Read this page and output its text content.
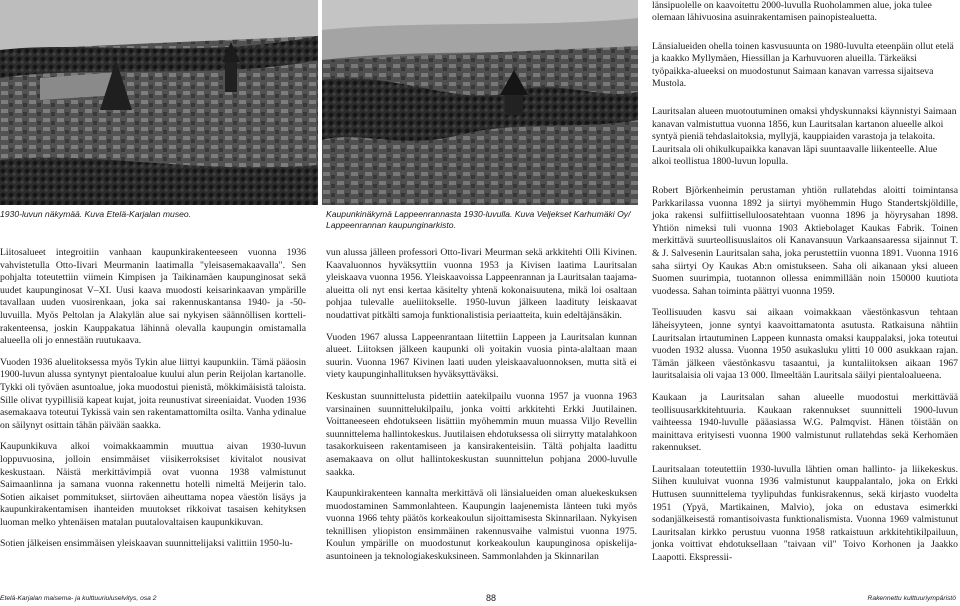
länsipuolelle on kaavoitettu 2000-luvulla Ruoholammen alue, joka tulee olemaan lähivuosina asuinrakentamisen painopistealuetta.

Länsialueiden ohella toinen kasvusuunta on 1980-luvulta eteenpäin ollut etelä ja kaakko Myllymäen, Hiessillan ja Karhuvuoren alueilla. Tärkeäksi työpaikka-alueeksi on muodostunut Saimaan kanavan varressa sijaitseva Mustola.

Lauritsalan alueen muotoutuminen omaksi yhdyskunnaksi käynnistyi Saimaan kanavan valmistuttua vuonna 1856, kun Lauritsalan kartanon alueelle alkoi syntyä pieniä tehdaslaitoksia, myllyjä, kauppiaiden varastoja ja telakoita. Lauritsala oli ohikulkupaikka kanavan läpi suuntaavalle liikenteelle. Alue alkoi teollistua 1800-luvun lopulla.

1930-luvun näkymää. Kuva Etelä-Karjalan museo.	Kaupunkinäkymä Lappeenrannasta 1930-luvulla. Kuva Veljekset Karhumäki Oy/ Lappeenrannan kaupunginarkisto.

Liitosalueet integroitiin vanhaan kaupunkirakenteeseen vuonna 1936 vahvistetulla Otto-Iivari Meurmanin laatimalla "yleisasemakaavalla". Sen pohjalta toteutettiin viimein Kimpisen ja Taikinamäen kaupunginosat sekä uudet kaupunginosat V–XI. Uusi kaava muodosti keisarinkaavan ympärille tavallaan uuden vuosirenkaan, joka sai rakennuskantansa 1940- ja -50-luvuilla. Myös Peltolan ja Alakylän alue sai nykyisen säännöllisen kortteli-rakenteensa, joskin Kauppakatua lähinnä olevalla kaupungin omistamalla alueella oli jo ennestään ruutukaava.

Vuoden 1936 aluelitoksessa myös Tykin alue liittyi kaupunkiin. Tämä pääosin 1900-luvun alussa syntynyt pientaloalue kuului alun perin Reijolan kartanolle. Tykki oli työväen asuntoalue, joka muodostui pienistä, mökkimäisistä taloista. Sille olivat tyypillisiä kapeat kujat, joita reunustivat sireeniaidat. Vuoden 1936 asemakaava toteutui Tykissä vain sen rakentamattomilta osilta. Vanha ydinalue on säilynyt osittain tähän päivään saakka.

Kaupunkikuva alkoi voimakkaammin muuttua aivan 1930-luvun loppuvuosina, jolloin ensimmäiset viisikerroksiset kivitalot nousivat keskustaan. Näistä merkittävimpiä ovat vuonna 1938 valmistunut Saimaanlinna ja samana vuonna rakennettu hotelli nimeltä Meijerin talo. Sotien aikaiset pommitukset, siirtoväen aiheuttama nopea väestön lisäys ja kaupunkirakentamisen ihanteiden muutokset rikkoivat tasaisen kehityksen luoman melko yhtenäisen matalan puutalovaltaisen kaupunkikuvan.

Sotien jälkeisen ensimmäisen yleiskaavan suunnittelijaksi valittiin 1950-lu-

vun alussa jälleen professori Otto-Iivari Meurman sekä arkkitehti Olli Kivinen. Kaavaluonnos hyväksyttiin vuonna 1953 ja Kivisen laatima Lauritsalan yleiskaava vuonna 1956. Yleiskaavoissa Lappeenrannan ja Lauritsalan taajama-alueitta oli nyt ensi kertaa käsitelty yhtenä kokonaisuutena, mikä loi osaltaan pohjaa tulevalle aueliitokselle. 1950-luvun jälkeen laadituty leiskaavat noudattivat pitkälti samoja funktionalistisia periaatteita, kuin edeltäjänsäkin.

Vuoden 1967 alussa Lappeenrantaan liitettiin Lappeen ja Lauritsalan kunnan alueet. Liitoksen jälkeen kaupunki oli yoitakin vuosia pinta-alaltaan maan suurin. Vuonna 1967 Kivinen laati uuden yleiskaavaluonnoksen, mutta sitä ei viety kaupunginhallituksen hyväksyttäväksi.

Keskustan suunnittelusta pidettiin aatekilpailu vuonna 1957 ja vuonna 1963 varsinainen suunnittelukilpailu, jonka voitti arkkitehti Erkki Juutilainen. Voittaneeseen ehdotukseen lisättiin myöhemmin muun muassa Viljo Revellin suunnittelema hallintokeskus. Juutilaisen ehdotuksessa oli siirrytty matalahkoon tasakorkuiseen rakentamiseen ja kansirakenteisiin. Tältä pohjalta laadittu asemakaava on ollut hallintokeskustan suunnittelun pohjana 2000-luvulle saakka.

Kaupunkirakenteen kannalta merkittävä oli länsialueiden oman aluekeskuksen muodostaminen Sammonlahteen. Kaupungin laajenemista länteen tuki myös vuonna 1966 tehty päätös korkeakoulun sijoittamisesta Skinnarilaan. Nykyisen teknillisen yliopiston ensimmäinen rakennusvaihe valmistui vuonna 1975. Koulun ympärille on muodostunut korkeakoulun kaupunginosa opiskelija-asuntoineen ja teknologiakeskuksineen. Sammonlahden ja Skinnarilan

Robert Björkenheimin perustaman yhtiön rullatehdas aloitti toimintansa Parkkarilassa vuonna 1892 ja siirtyi myöhemmin Hugo Standertskjöldille, joka rakensi sulfiittiselluloosatehtaan vuonna 1896 ja höyrysahan 1898. Yhtiön nimeksi tuli vuonna 1903 Aktiebolaget Kaukas Fabrik. Toinen merkittävä suurteollisuuslaitos oli Kanavansuun Varkaansaaressa sijainnut T. & J. Salvesenin Lauritsalan saha, joka perustettiin vuonna 1891. Vuonna 1916 saha siirtyi Oy Kaukas Ab:n omistukseen. Saha oli aikanaan yksi alueen Suomen suurimpia, tuotannon ollessa enimmillään noin 150000 kuutiota vuodessa. Sahan toiminta päättyi vuonna 1959.

Teollisuuden kasvu sai aikaan voimakkaan väestönkasvun tehtaan läheisyyteen, jonne syntyi kaavoittamatonta asutusta. Ratkaisuna nähtiin Lauritsalan irtautuminen Lappeen kunnasta omaksi kauppalaksi, joka toteutui vuoden 1932 alussa. Vuonna 1950 asukasluku ylitti 10 000 asukkaan rajan. Tämän jälkeen väestönkasvu tasaantui, ja kuntaliitoksen aikaan 1967 lauritsalaisia oli vajaa 13 000. Ilmeeltään Lauritsala säilyi pientaloalueena.

Kaukaan ja Lauritsalan sahan alueelle muodostui merkittävää teollisuusarkkitehtuuria. Kaukaan rakennukset suunnitteli 1900-luvun vaihteessa 1940-luvulle pääasiassa W.G. Palmqvist. Hänen töistään on mainittava erityisesti vuonna 1900 valmistunut rullatehdas sekä Kerhomäen rakennukset.

Lauritsalaan toteutettiin 1930-luvulla lähtien oman hallinto- ja liikekeskus. Siihen kuuluivat vuonna 1936 valmistunut kauppalantalo, joka on Erkki Huttusen suunnittelema tyylipuhdas funkisrakennus, sekä kirjasto vuodelta 1951 (Ypyä, Martikainen, Malvio), joka on edustava esimerkki sodanjälkeisestä romantisoivasta funktionalismista. Vuonna 1969 valmistunut Lauritsalan kirkko perustuu vuonna 1958 ratkaistuun arkkitehtikilpailuun, jonka voittivat ehdotuksellaan "taivaan vil" Toivo Korhonen ja Jaakko Laapotti. Ekspressii-

Etelä-Karjalan maisema- ja kulttuuriuluselvitys, osa 2	88	Rakennettu kulttuuriympäristö
